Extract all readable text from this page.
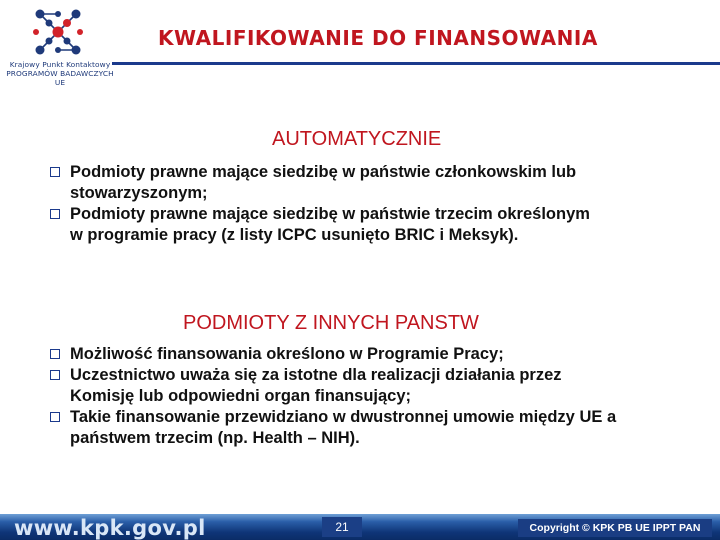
Krajowy Punkt Kontaktowy
PROGRAMÓW BADAWCZYCH UE
KWALIFIKOWANIE DO FINANSOWANIA
AUTOMATYCZNIE
Podmioty prawne mające siedzibę w państwie członkowskim lub
stowarzyszonym;
Podmioty prawne mające siedzibę w państwie trzecim określonym
w programie pracy (z listy ICPC usunięto BRIC i Meksyk).
PODMIOTY Z INNYCH PANSTW
Możliwość finansowania określono w Programie Pracy;
Uczestnictwo uważa się za istotne dla realizacji działania przez
Komisję lub odpowiedni organ finansujący;
Takie finansowanie przewidziano w dwustronnej umowie między UE a
państwem trzecim (np. Health – NIH).
www.kpk.gov.pl	21	Copyright © KPK PB UE IPPT PAN
